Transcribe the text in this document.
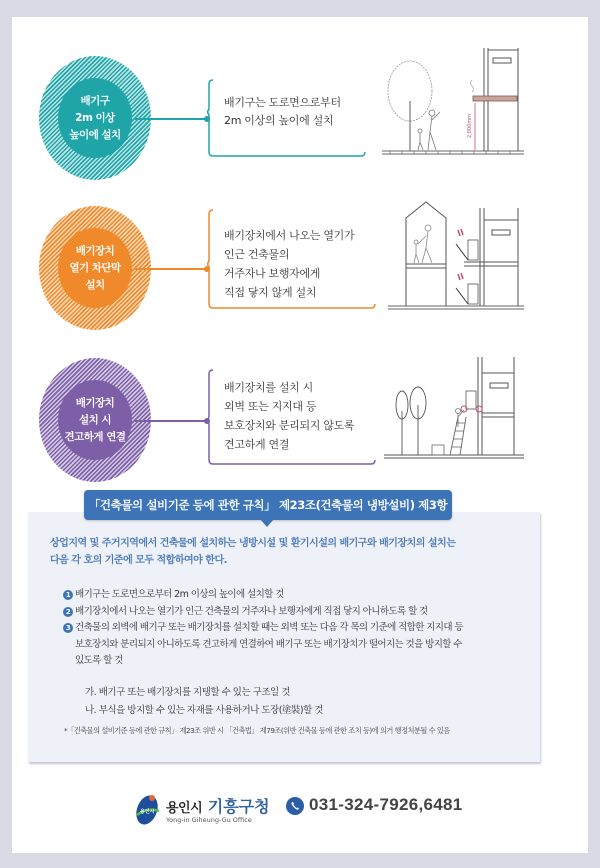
배기구
2m 이상
높이에 설치
배기구는 도로면으로부터
2m 이상의 높이에 설치	2,000mm
배기장치
열기 차단막
설치
배기장치에서 나오는 열기가
인근 건축물의
거주자나 보행자에게
직접 닿지 않게 설치
배기장치
설치 시
견고하게 연결
배기장치를 설치 시
외벽 또는 지지대 등
보호장치와 분리되지 않도록
견고하게 연결
「건축물의 설비기준 등에 관한 규칙」 제23조(건축물의 냉방설비) 제3항
상업지역 및 주거지역에서 건축물에 설치하는 냉방시설 및 환기시설의 배기구와 배기장치의 설치는
다음 각 호의 기준에 모두 적합하여야 한다.
1 배기구는 도로면으로부터 2m 이상의 높이에 설치할 것
2 배기장치에서 나오는 열기가 인근 건축물의 거주자나 보행자에게 직접 닿지 아니하도록 할 것
3 건축물의 외벽에 배기구 또는 배기장치를 설치할 때는 외벽 또는 다음 각 목의 기준에 적합한 지지대 등
보호장치와 분리되지 아니하도록 견고하게 연결하여 배기구 또는 배기장치가 떨어지는 것을 방지할 수
있도록 할 것
가. 배기구 또는 배기장치를 지탱할 수 있는 구조일 것
나. 부식을 방지할 수 있는 자재를 사용하거나 도장(塗裝)할 것
*「건축물의 설비기준 등에 관한 규칙」 제23조 위반 시 「건축법」 제79조(위반 건축물 등에 관한 조치 등)에 의거 행정처분될 수 있음
용인시 용인시 기흥구청
Yong-in Giheung-Gu Office
031-324-7926,6481
